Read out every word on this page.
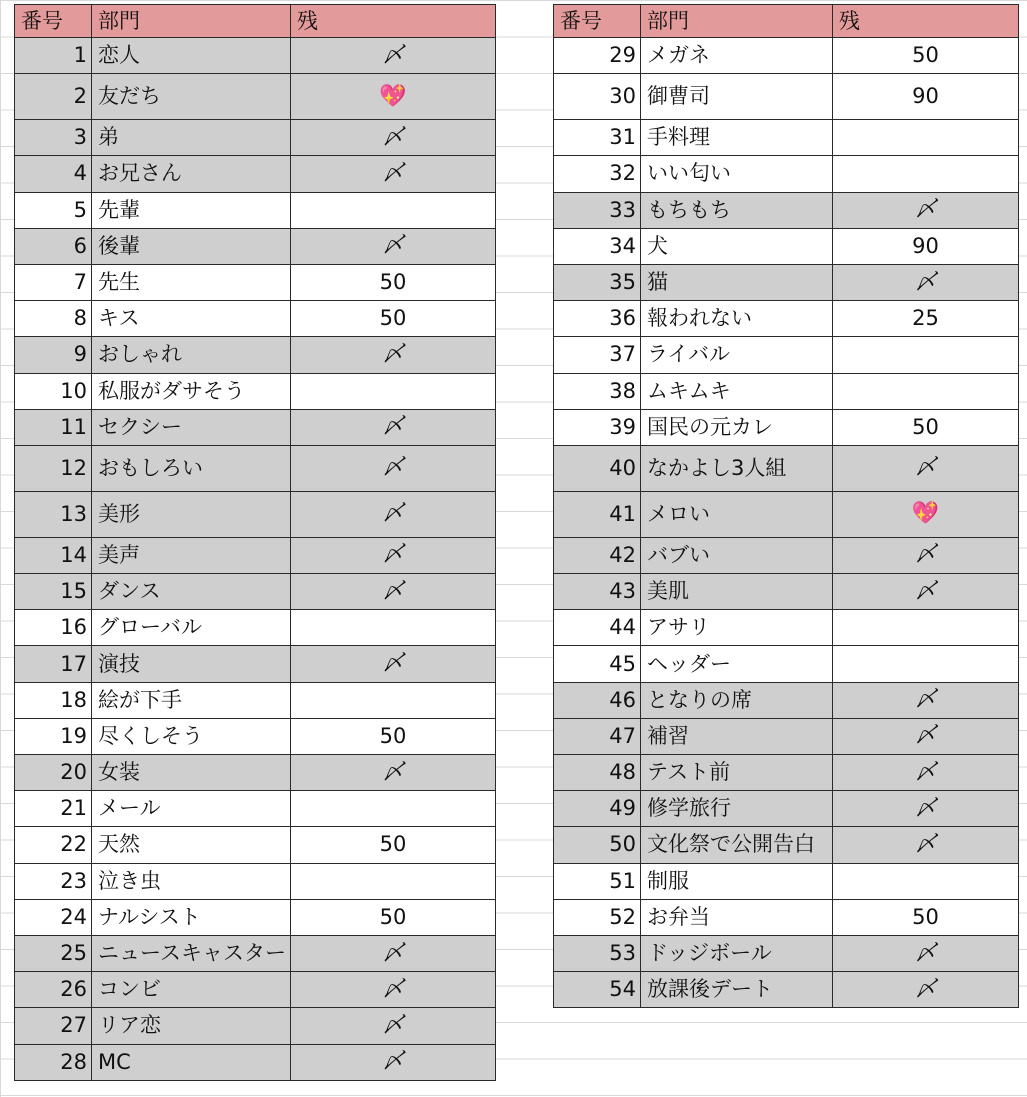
番号	部門	残
1	恋人	〆
2	友だち	💖
3	弟	〆
4	お兄さん	〆
5	先輩	
6	後輩	〆
7	先生	50
8	キス	50
9	おしゃれ	〆
10	私服がダサそう	
11	セクシー	〆
12	おもしろい	〆
13	美形	〆
14	美声	〆
15	ダンス	〆
16	グローバル	
17	演技	〆
18	絵が下手	
19	尽くしそう	50
20	女装	〆
21	メール	
22	天然	50
23	泣き虫	
24	ナルシスト	50
25	ニュースキャスター	〆
26	コンビ	〆
27	リア恋	〆
28	MC	〆
番号	部門	残
29	メガネ	50
30	御曹司	90
31	手料理	
32	いい匂い	
33	もちもち	〆
34	犬	90
35	猫	〆
36	報われない	25
37	ライバル	
38	ムキムキ	
39	国民の元カレ	50
40	なかよし3人組	〆
41	メロい	💖
42	バブい	〆
43	美肌	〆
44	アサリ	
45	ヘッダー	
46	となりの席	〆
47	補習	〆
48	テスト前	〆
49	修学旅行	〆
50	文化祭で公開告白	〆
51	制服	
52	お弁当	50
53	ドッジボール	〆
54	放課後デート	〆
